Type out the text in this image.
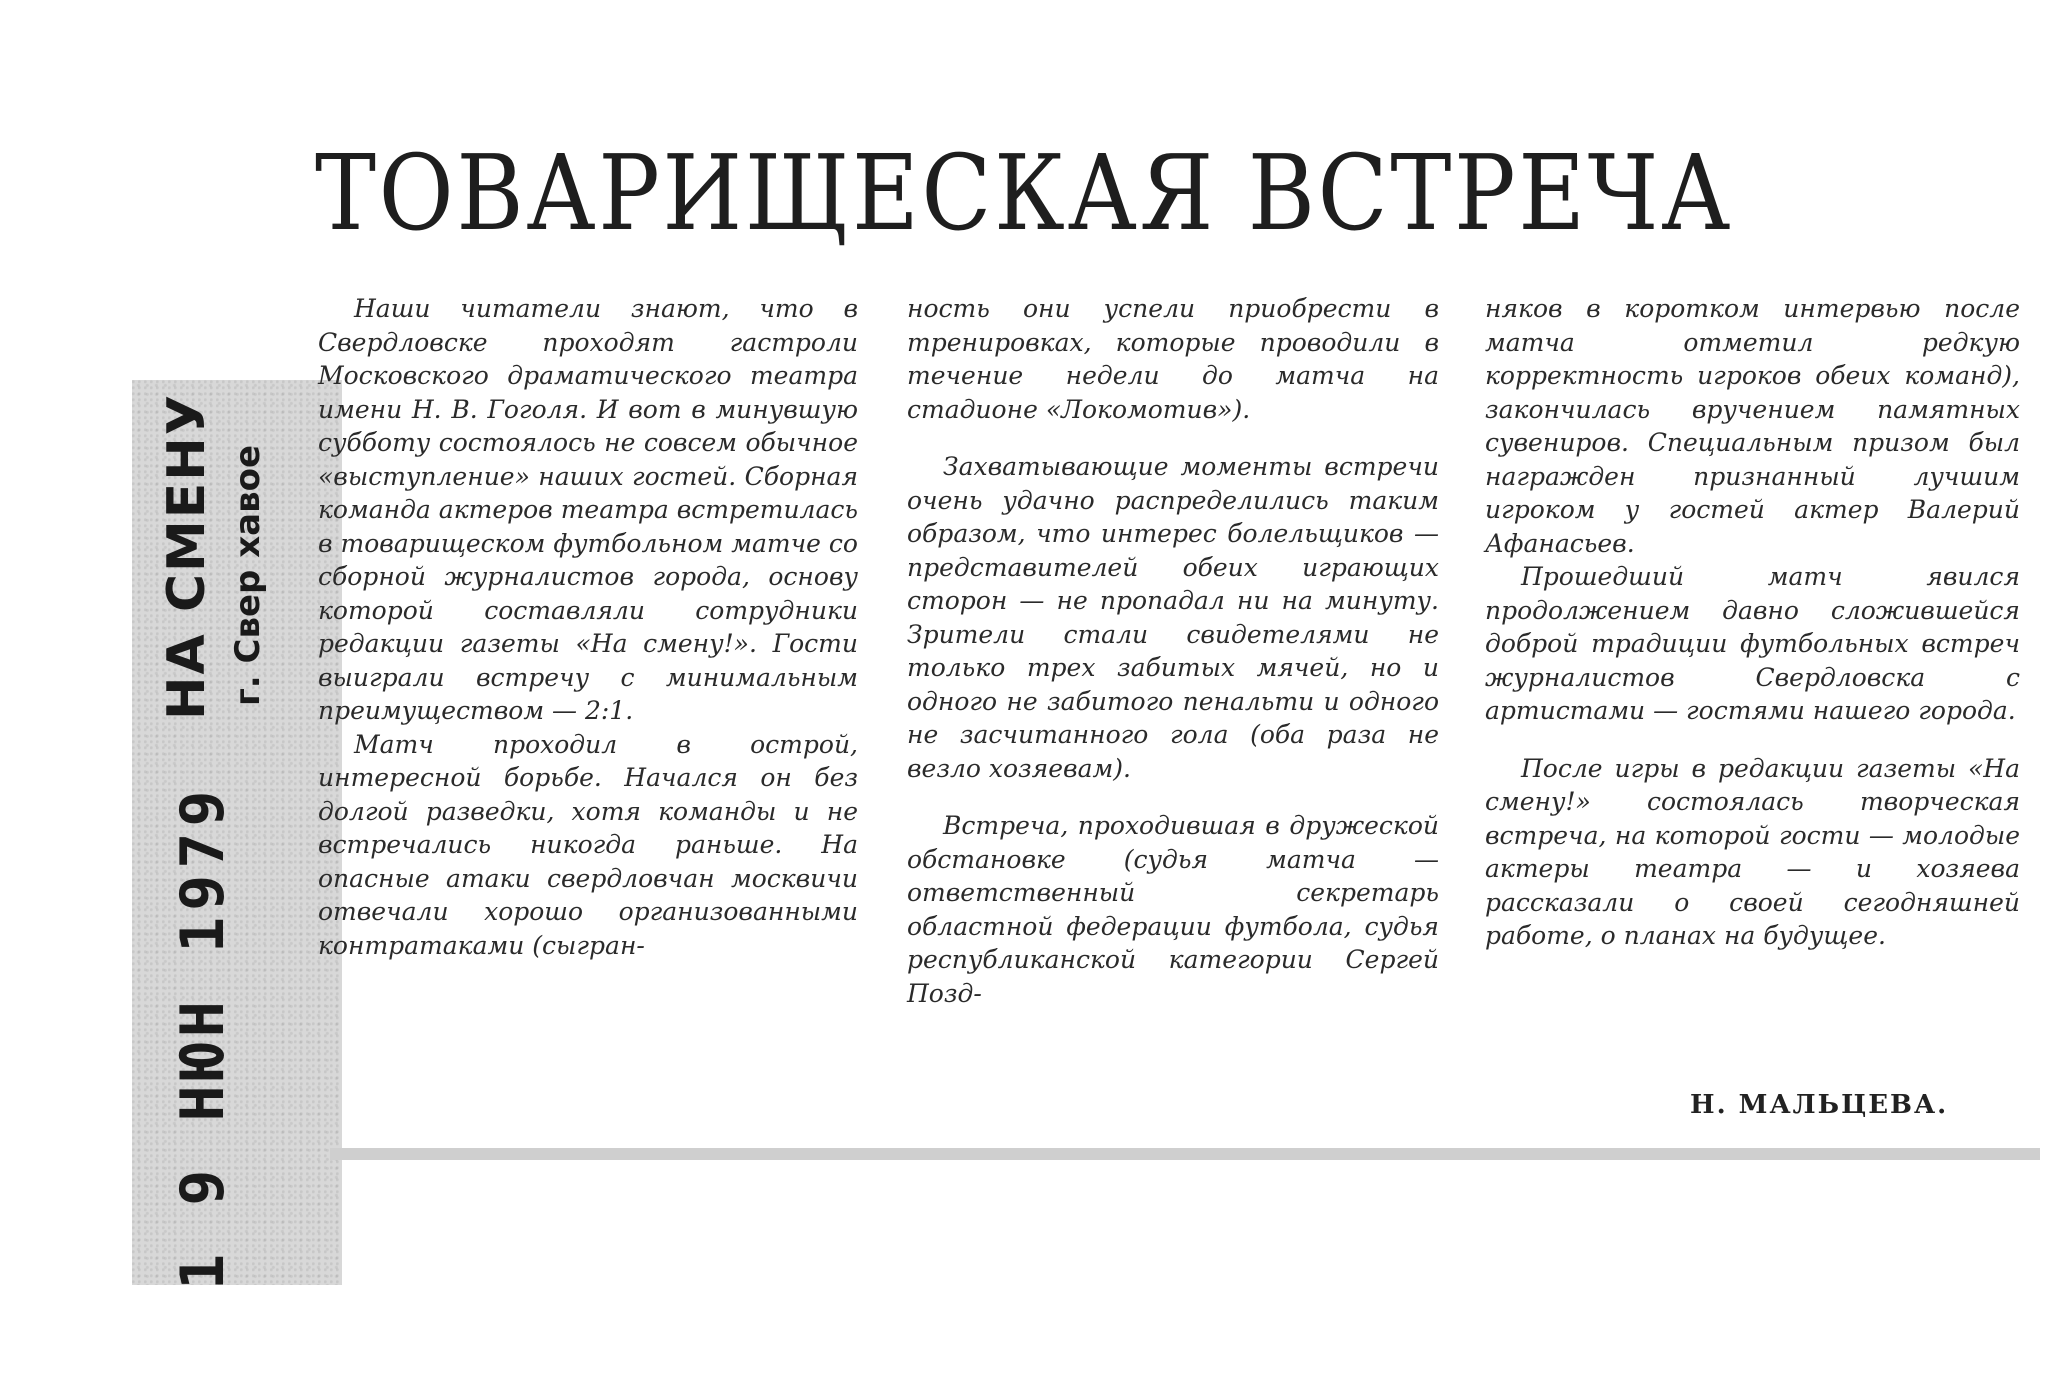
НА СМЕНУ г. Свер xaвоe
1 9 НЮН 1979
ТОВАРИЩЕСКАЯ ВСТРЕЧА

Наши читатели знают, что в Свердловске проходят гастроли Московского драматического театра имени Н. В. Гоголя. И вот в минувшую субботу состоялось не совсем обычное «выступление» наших гостей. Сборная команда актеров театра встретилась в товарищеском футбольном матче со сборной журналистов города, основу которой составляли сотрудники редакции газеты «На смену!». Гости выиграли встречу с минимальным преимуществом — 2:1.

Матч проходил в острой, интересной борьбе. Начался он без долгой разведки, хотя команды и не встречались никогда раньше. На опасные атаки свердловчан москвичи отвечали хорошо организованными контратаками (сыгран-

ность они успели приобрести в тренировках, которые проводили в течение недели до матча на стадионе «Локомотив»).

Захватывающие моменты встречи очень удачно распределились таким образом, что интерес болельщиков — представителей обеих играющих сторон — не пропадал ни на минуту. Зрители стали свидетелями не только трех забитых мячей, но и одного не забитого пенальти и одного не засчитанного гола (оба раза не везло хозяевам).

Встреча, проходившая в дружеской обстановке (судья матча — ответственный секретарь областной федерации футбола, судья республиканской категории Сергей Позд-

няков в коротком интервью после матча отметил редкую корректность игроков обеих команд), закончилась вручением памятных сувениров. Специальным призом был награжден признанный лучшим игроком у гостей актер Валерий Афанасьев.

Прошедший матч явился продолжением давно сложившейся доброй традиции футбольных встреч журналистов Свердловска с артистами — гостями нашего города.

После игры в редакции газеты «На смену!» состоялась творческая встреча, на которой гости — молодые актеры театра — и хозяева рассказали о своей сегодняшней работе, о планах на будущее.

Н. МАЛЬЦЕВА.
